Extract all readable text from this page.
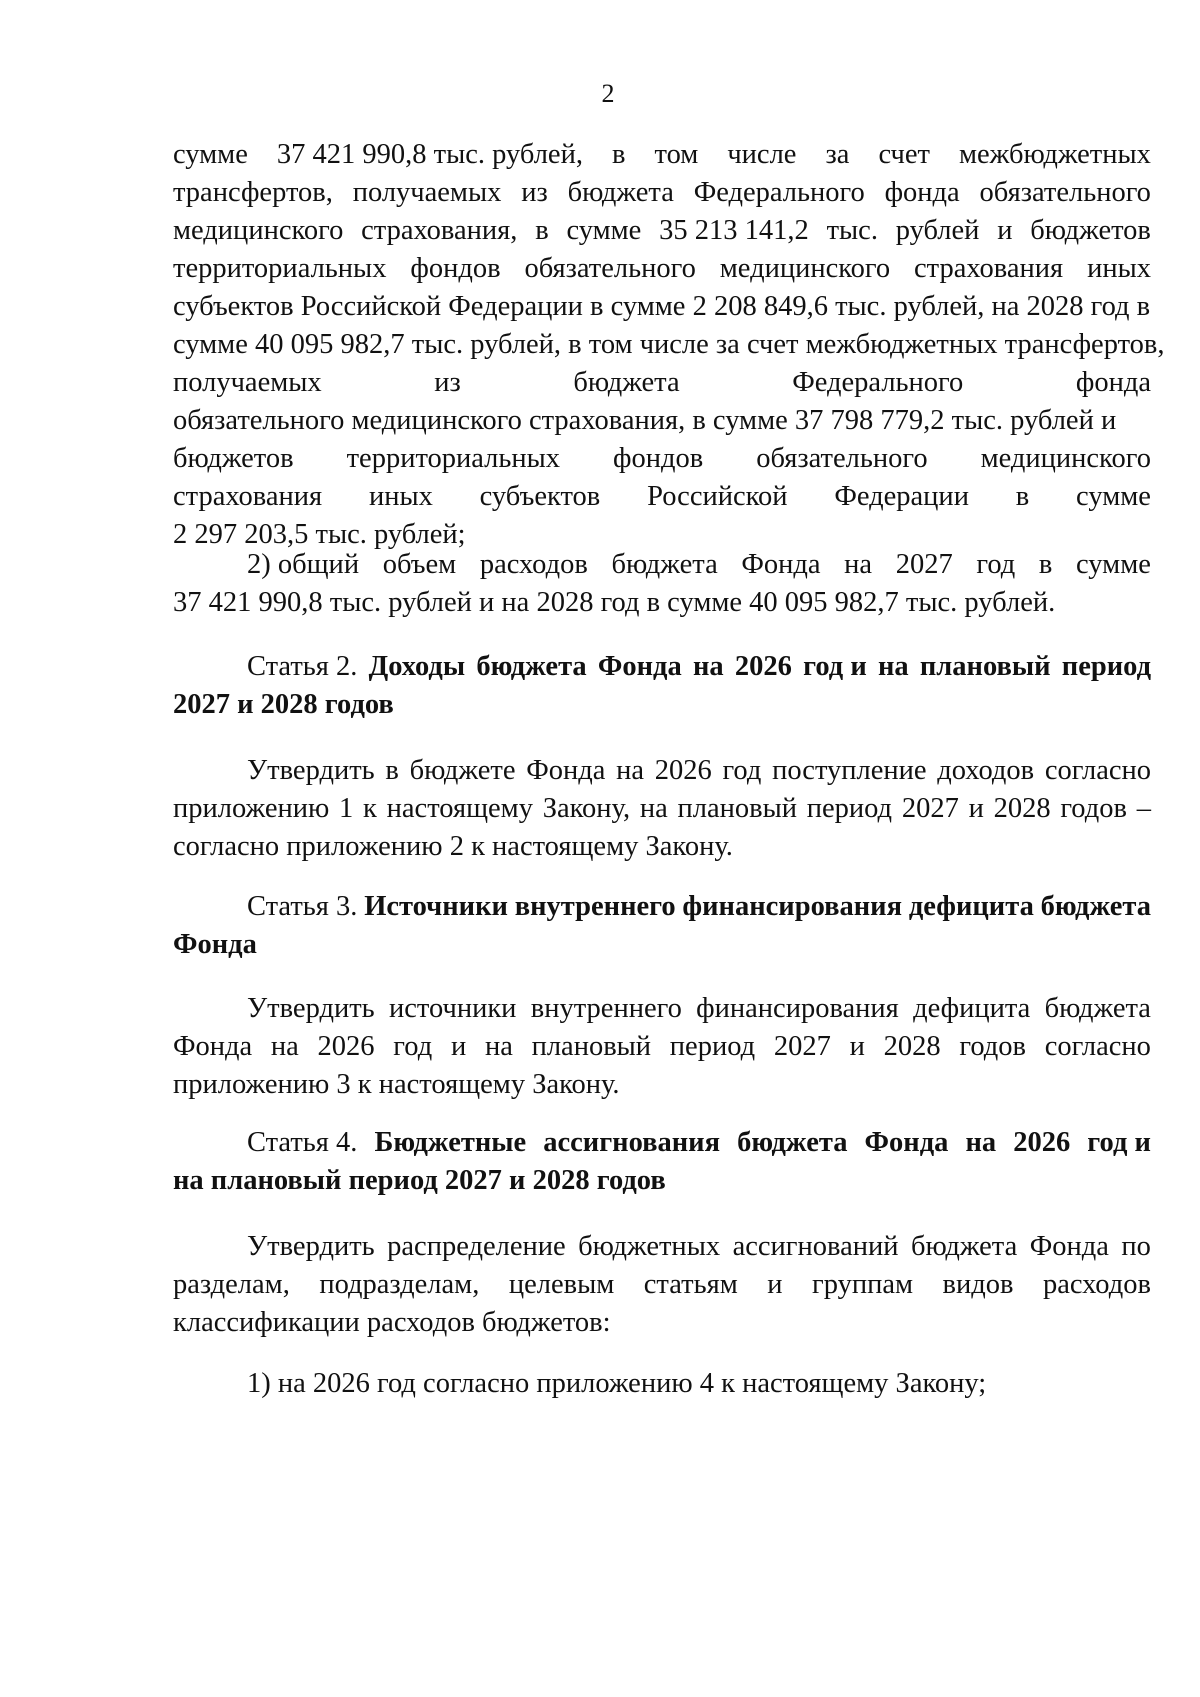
2
сумме 37 421 990,8 тыс. рублей, в том числе за счет межбюджетных
трансфертов, получаемых из бюджета Федерального фонда обязательного
медицинского страхования, в сумме 35 213 141,2 тыс. рублей и бюджетов
территориальных фондов обязательного медицинского страхования иных
субъектов Российской Федерации в сумме 2 208 849,6 тыс. рублей, на 2028 год в
сумме 40 095 982,7 тыс. рублей, в том числе за счет межбюджетных трансфертов,
получаемых	из	бюджета	Федерального	фонда
обязательного медицинского страхования, в сумме 37 798 779,2 тыс. рублей и
бюджетов территориальных фондов обязательного медицинского
страхования иных субъектов Российской Федерации в сумме
2 297 203,5 тыс. рублей;
2) общий объем расходов бюджета Фонда на 2027 год в сумме
37 421 990,8 тыс. рублей и на 2028 год в сумме 40 095 982,7 тыс. рублей.
Статья 2. Доходы бюджета Фонда на 2026 год и на плановый период
2027 и 2028 годов
Утвердить в бюджете Фонда на 2026 год поступление доходов согласно
приложению 1 к настоящему Закону, на плановый период 2027 и 2028 годов –
согласно приложению 2 к настоящему Закону.
Статья 3. Источники внутреннего финансирования дефицита бюджета
Фонда
Утвердить источники внутреннего финансирования дефицита бюджета
Фонда на 2026 год и на плановый период 2027 и 2028 годов согласно
приложению 3 к настоящему Закону.
Статья 4. Бюджетные ассигнования бюджета Фонда на 2026 год и
на плановый период 2027 и 2028 годов
Утвердить распределение бюджетных ассигнований бюджета Фонда по
разделам, подразделам, целевым статьям и группам видов расходов
классификации расходов бюджетов:
1) на 2026 год согласно приложению 4 к настоящему Закону;
